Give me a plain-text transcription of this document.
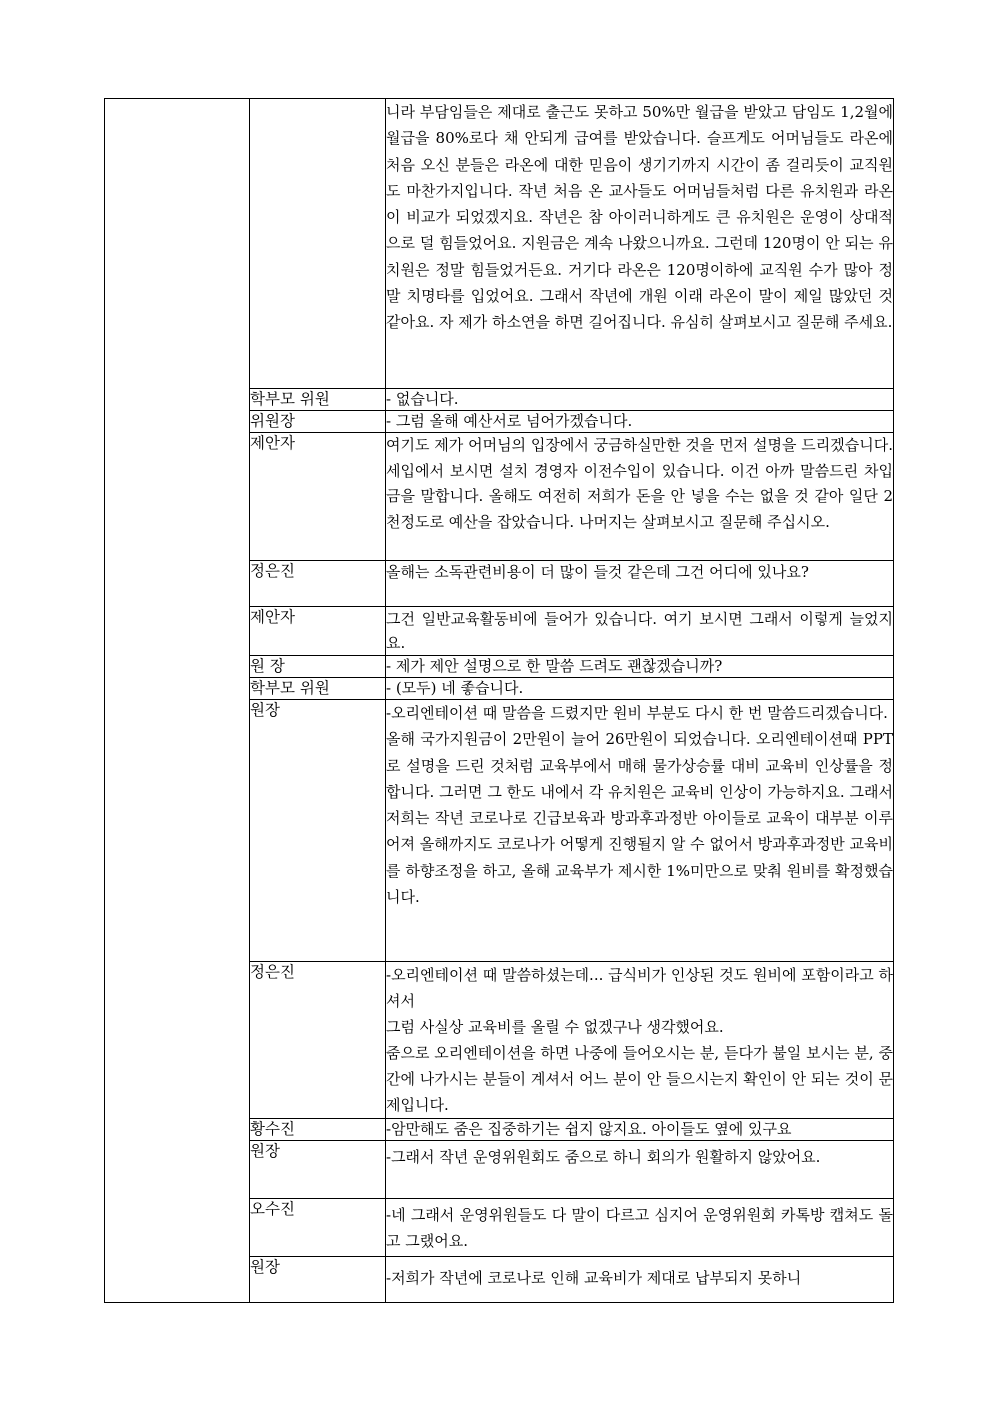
		니라 부담임들은 제대로 출근도 못하고 50%만 월급을 받았고 담임도 1,2월에 월급을 80%로다 채 안되게 급여를 받았습니다. 슬프게도 어머님들도 라온에 처음 오신 분들은 라온에 대한 믿음이 생기기까지 시간이 좀 걸리듯이 교직원도 마찬가지입니다. 작년 처음 온 교사들도 어머님들처럼 다른 유치원과 라온이 비교가 되었겠지요. 작년은 참 아이러니하게도 큰 유치원은 운영이 상대적으로 덜 힘들었어요. 지원금은 계속 나왔으니까요. 그런데 120명이 안 되는 유치원은 정말 힘들었거든요. 거기다 라온은 120명이하에 교직원 수가 많아 정말 치명타를 입었어요. 그래서 작년에 개원 이래 라온이 말이 제일 많았던 것 같아요. 자 제가 하소연을 하면 길어집니다. 유심히 살펴보시고 질문해 주세요.
	학부모 위원	- 없습니다.
	위원장	- 그럼 올해 예산서로 넘어가겠습니다.
	제안자	여기도 제가 어머님의 입장에서 궁금하실만한 것을 먼저 설명을 드리겠습니다. 세입에서 보시면 설치 경영자 이전수입이 있습니다. 이건 아까 말씀드린 차입금을 말합니다. 올해도 여전히 저희가 돈을 안 넣을 수는 없을 것 같아 일단 2천정도로 예산을 잡았습니다. 나머지는 살펴보시고 질문해 주십시오.
	정은진	올해는 소독관련비용이 더 많이 들것 같은데 그건 어디에 있나요?
	제안자	그건 일반교육활동비에 들어가 있습니다. 여기 보시면 그래서 이렇게 늘었지요.
	원 장	- 제가 제안 설명으로 한 말씀 드려도 괜찮겠습니까?
	학부모 위원	- (모두) 네 좋습니다.
	원장	-오리엔테이션 때 말씀을 드렸지만 원비 부분도 다시 한 번 말씀드리겠습니다.
올해 국가지원금이 2만원이 늘어 26만원이 되었습니다. 오리엔테이션때 PPT로 설명을 드린 것처럼 교육부에서 매해 물가상승률 대비 교육비 인상률을 정합니다. 그러면 그 한도 내에서 각 유치원은 교육비 인상이 가능하지요. 그래서 저희는 작년 코로나로 긴급보육과 방과후과정반 아이들로 교육이 대부분 이루어져 올해까지도 코로나가 어떻게 진행될지 알 수 없어서 방과후과정반 교육비를 하향조정을 하고, 올해 교육부가 제시한 1%미만으로 맞춰 원비를 확정했습니다.

	정은진	-오리엔테이션 때 말씀하셨는데... 급식비가 인상된 것도 원비에 포함이라고 하셔서
그럼 사실상 교육비를 올릴 수 없겠구나 생각했어요.
줌으로 오리엔테이션을 하면 나중에 들어오시는 분, 듣다가 불일 보시는 분, 중간에 나가시는 분들이 계셔서 어느 분이 안 들으시는지 확인이 안 되는 것이 문제입니다.

	황수진	-암만해도 줌은 집중하기는 쉽지 않지요. 아이들도 옆에 있구요
	원장	-그래서 작년 운영위원회도 줌으로 하니 회의가 원활하지 않았어요.
	오수진	-네 그래서 운영위원들도 다 말이 다르고 심지어 운영위원회 카톡방 캡쳐도 돌고 그랬어요.
	원장	-저희가 작년에 코로나로 인해 교육비가 제대로 납부되지 못하니
